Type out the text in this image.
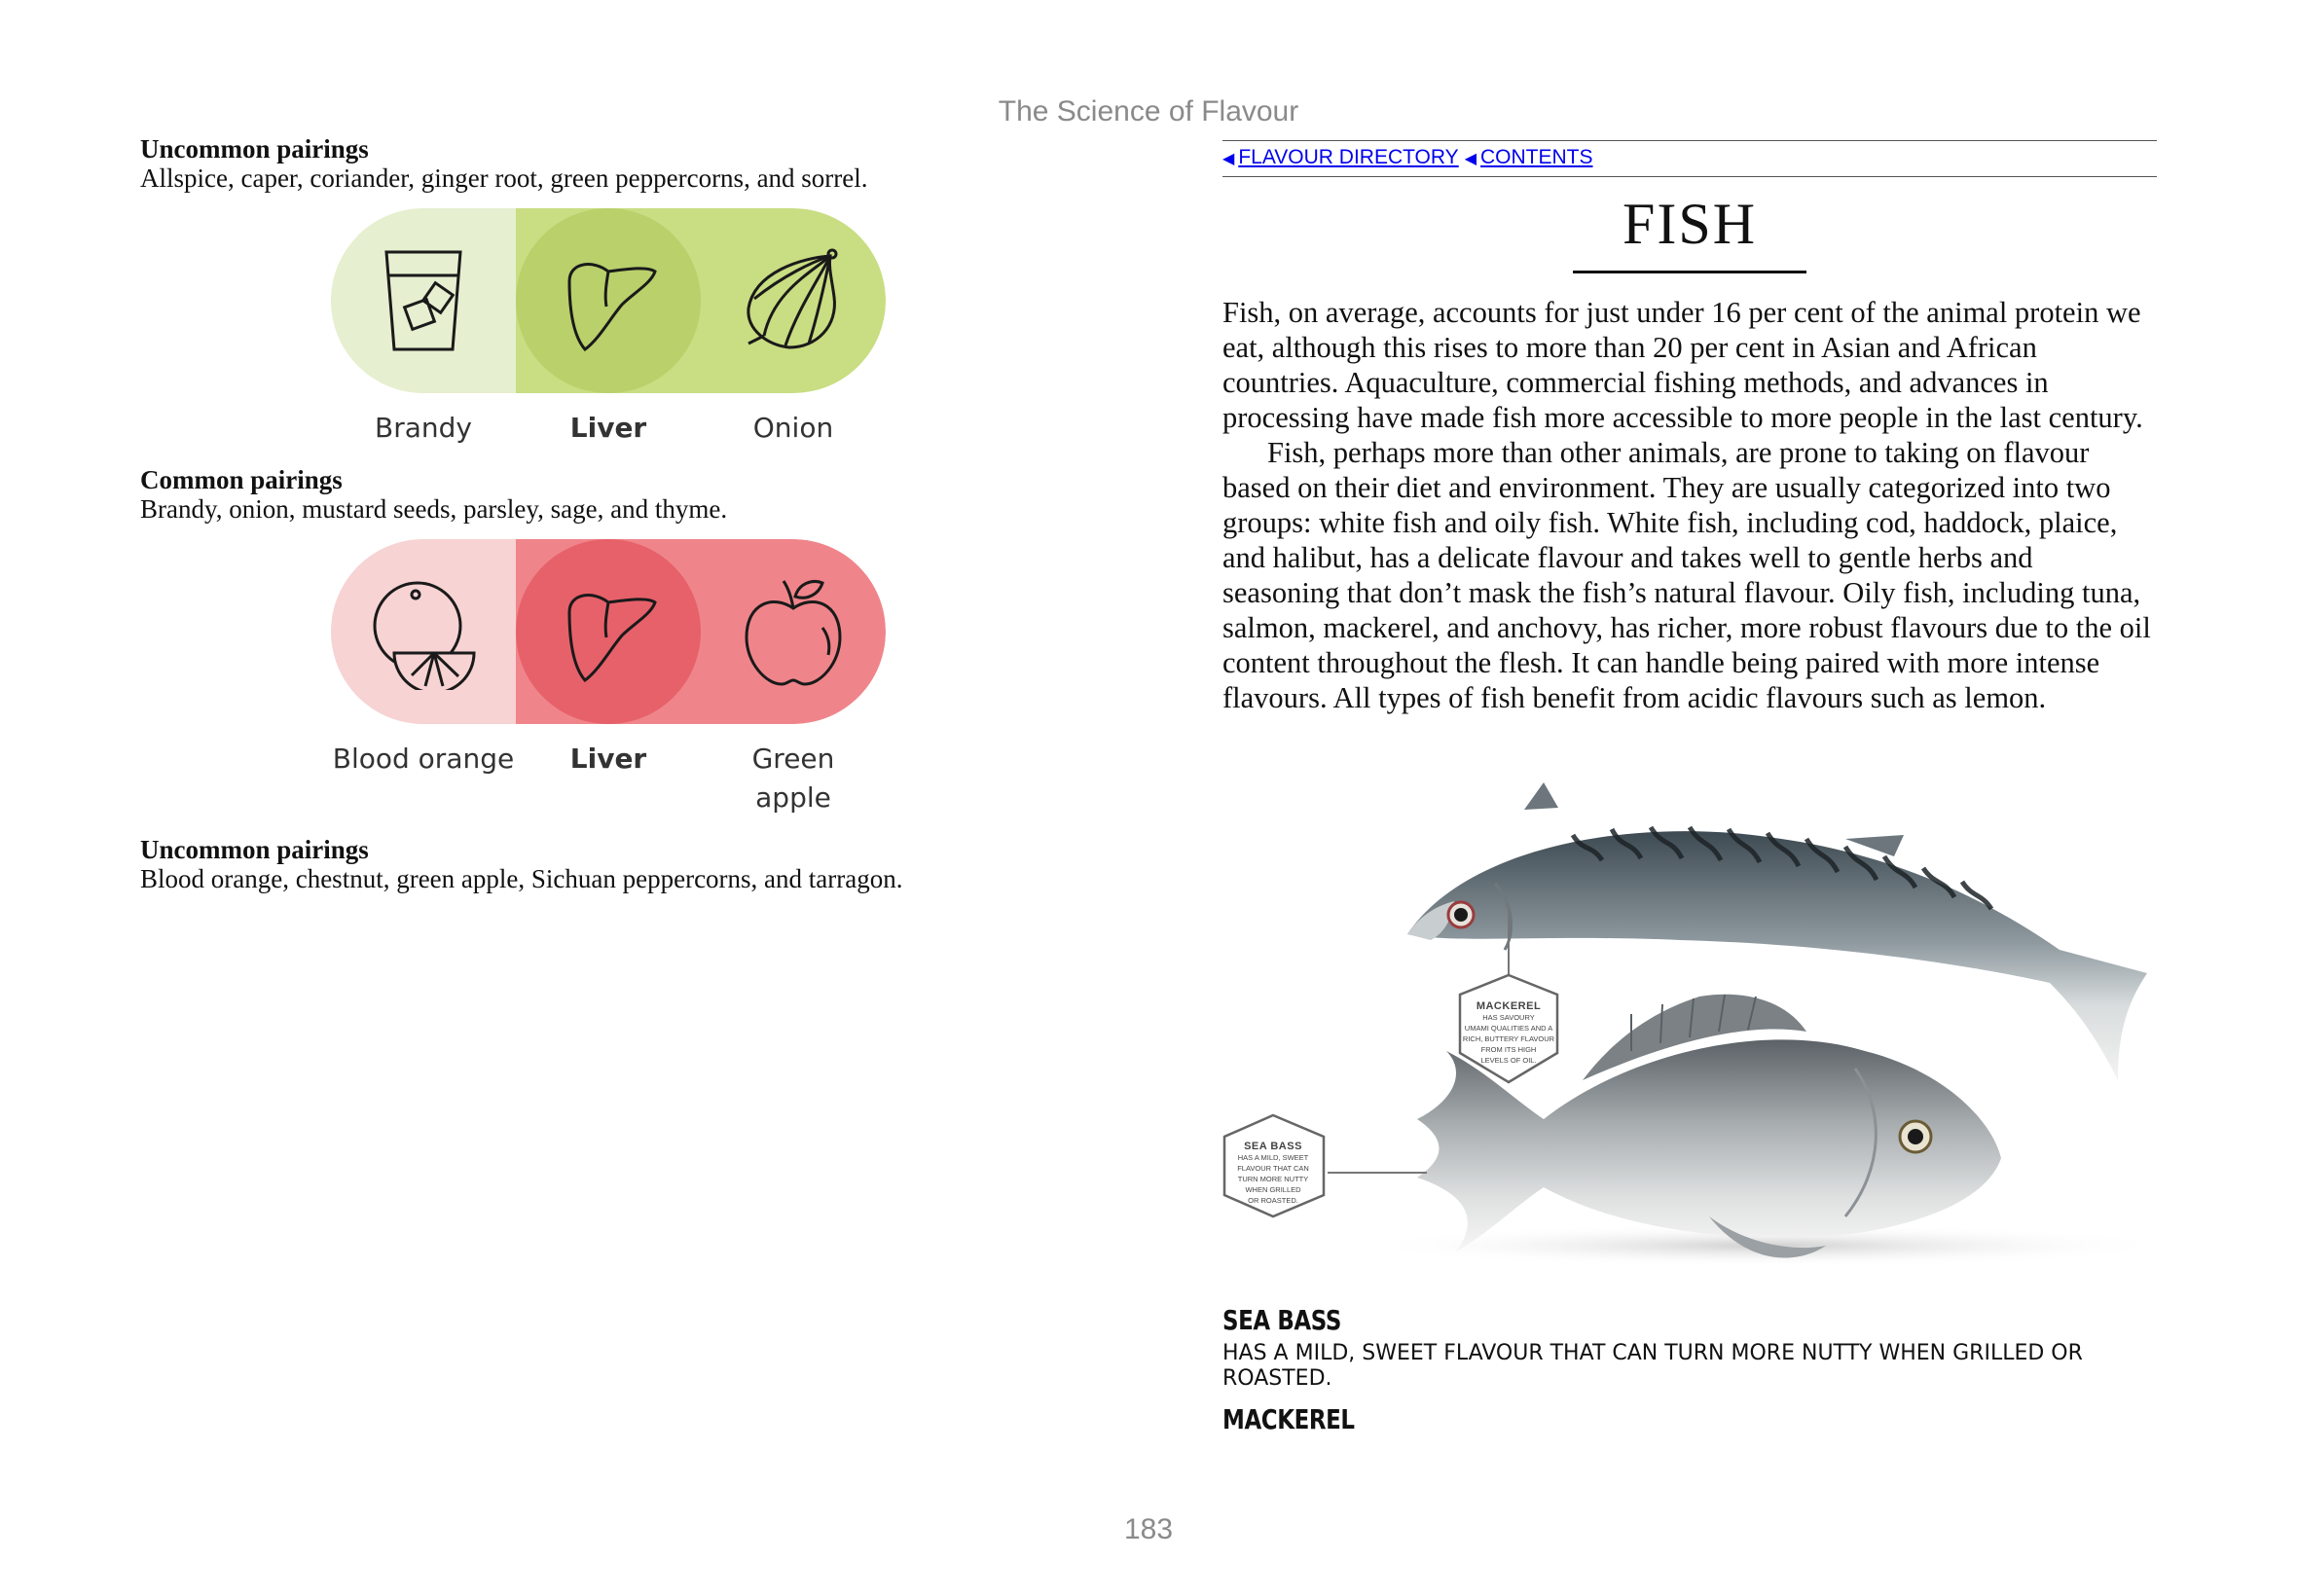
The Science of Flavour
183
Uncommon pairings
Allspice, caper, coriander, ginger root, green peppercorns, and sorrel.
Brandy	Liver	Onion
Common pairings
Brandy, onion, mustard seeds, parsley, sage, and thyme.
Blood orange	Liver	Green
apple
Uncommon pairings
Blood orange, chestnut, green apple, Sichuan peppercorns, and tarragon.
◀ FLAVOUR DIRECTORY ◀ CONTENTS
FISH

Fish, on average, accounts for just under 16 per cent of the animal protein we eat, although this rises to more than 20 per cent in Asian and African countries. Aquaculture, commercial fishing methods, and advances in processing have made fish more accessible to more people in the last century.

Fish, perhaps more than other animals, are prone to taking on flavour based on their diet and environment. They are usually categorized into two groups: white fish and oily fish. White fish, including cod, haddock, plaice, and halibut, has a delicate flavour and takes well to gentle herbs and seasoning that don’t mask the fish’s natural flavour. Oily fish, including tuna, salmon, mackerel, and anchovy, has richer, more robust flavours due to the oil content throughout the flesh. It can handle being paired with more intense flavours. All types of fish benefit from acidic flavours such as lemon.

MACKEREL
HAS SAVOURY
UMAMI QUALITIES AND A
RICH, BUTTERY FLAVOUR
FROM ITS HIGH
LEVELS OF OIL.
SEA BASS
HAS A MILD, SWEET
FLAVOUR THAT CAN
TURN MORE NUTTY
WHEN GRILLED
OR ROASTED.
SEA BASS
HAS A MILD, SWEET FLAVOUR THAT CAN TURN MORE NUTTY WHEN GRILLED OR ROASTED.
MACKEREL
